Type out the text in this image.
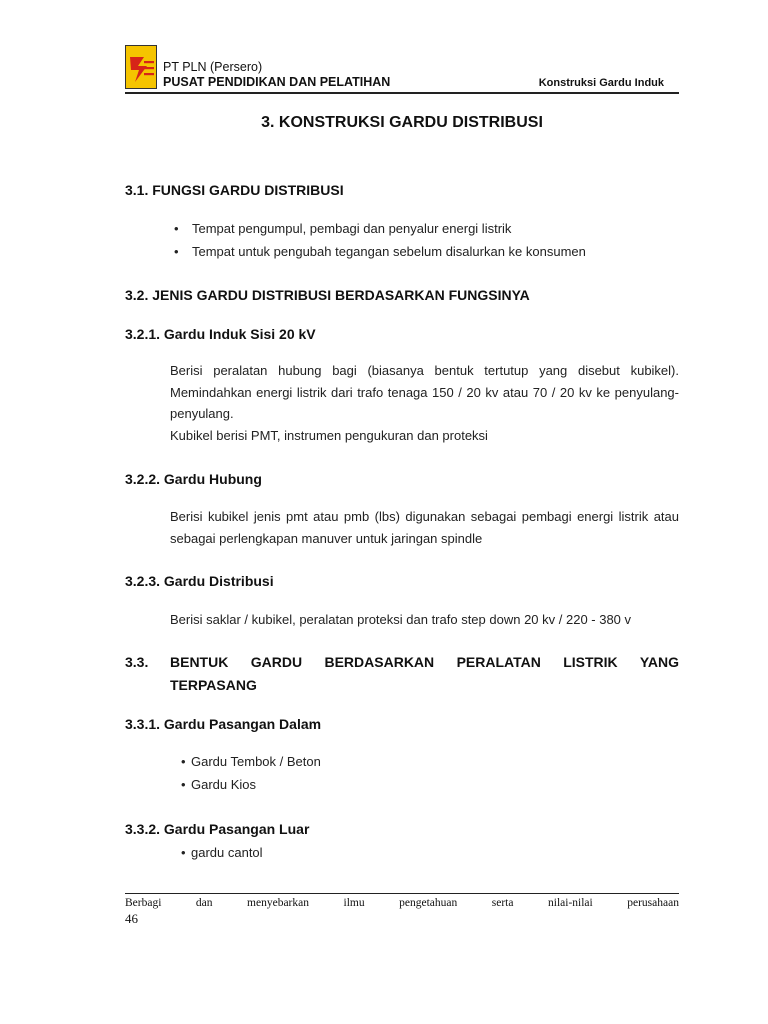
PT PLN (Persero)
PUSAT PENDIDIKAN DAN PELATIHAN	Konstruksi Gardu Induk
3. KONSTRUKSI GARDU DISTRIBUSI
3.1. FUNGSI GARDU DISTRIBUSI
• Tempat pengumpul, pembagi dan penyalur energi listrik
• Tempat untuk pengubah tegangan sebelum disalurkan ke konsumen
3.2. JENIS GARDU DISTRIBUSI BERDASARKAN FUNGSINYA
3.2.1. Gardu Induk Sisi 20 kV
Berisi peralatan hubung bagi (biasanya bentuk tertutup yang disebut kubikel). Memindahkan energi listrik dari trafo tenaga 150 / 20 kv atau 70 / 20 kv ke penyulang-penyulang.
Kubikel berisi PMT, instrumen pengukuran dan proteksi
3.2.2. Gardu Hubung
Berisi kubikel jenis pmt atau pmb (lbs) digunakan sebagai pembagi energi listrik atau sebagai perlengkapan manuver untuk jaringan spindle
3.2.3. Gardu Distribusi
Berisi saklar / kubikel, peralatan proteksi dan trafo step down 20 kv / 220 - 380 v
3.3. BENTUK GARDU BERDASARKAN PERALATAN LISTRIK YANG
TERPASANG
3.3.1. Gardu Pasangan Dalam
• Gardu Tembok / Beton
• Gardu Kios
3.3.2. Gardu Pasangan Luar
• gardu cantol
Berbagi	dan	menyebarkan	ilmu	pengetahuan	serta	nilai-nilai	perusahaan
46
